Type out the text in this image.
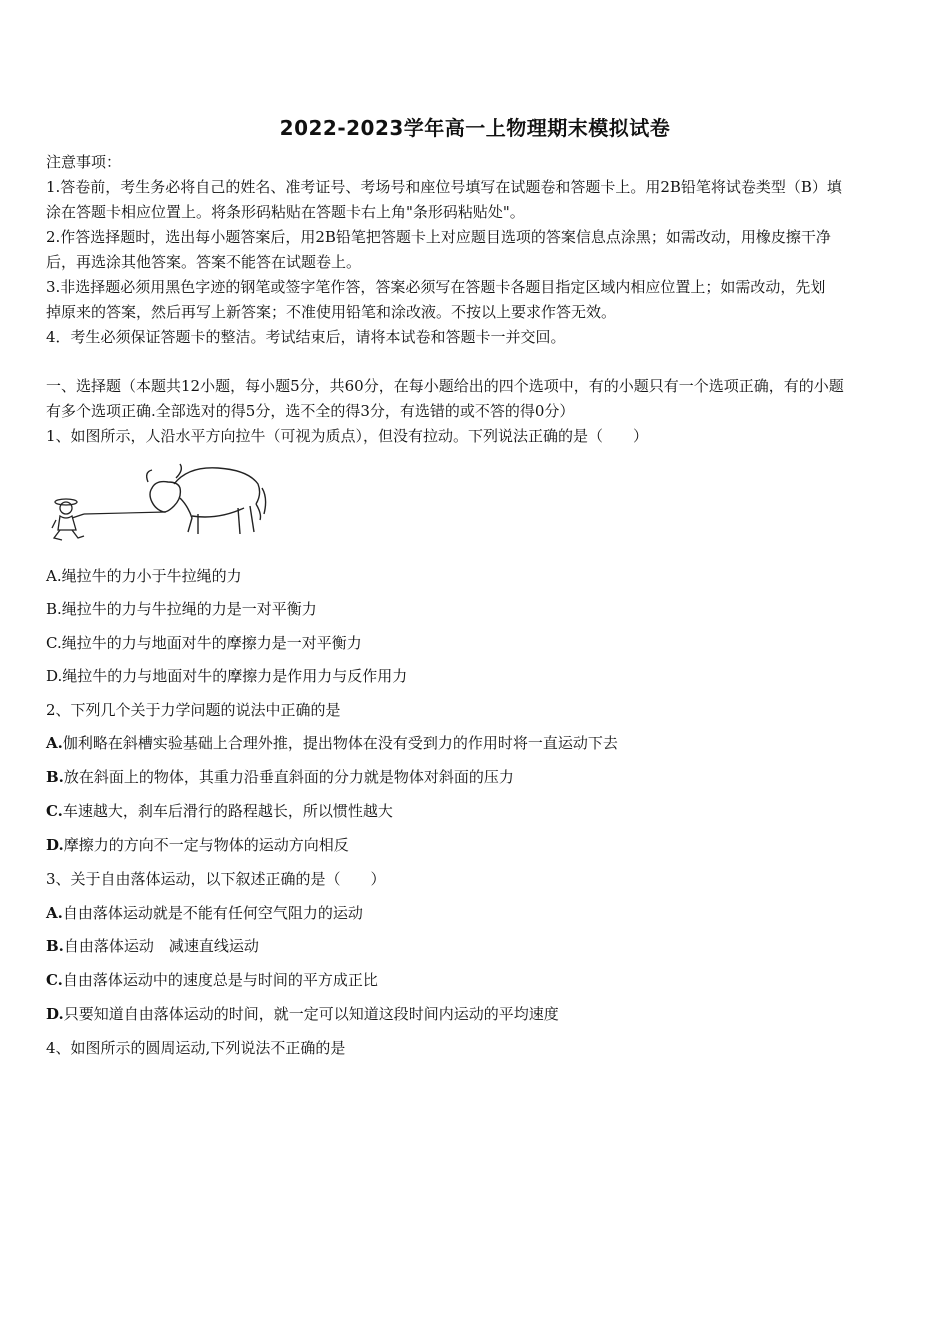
2022-2023学年高一上物理期末模拟试卷
注意事项：
1.答卷前，考生务必将自己的姓名、准考证号、考场号和座位号填写在试题卷和答题卡上。用2B铅笔将试卷类型（B）填
涂在答题卡相应位置上。将条形码粘贴在答题卡右上角"条形码粘贴处"。
2.作答选择题时，选出每小题答案后，用2B铅笔把答题卡上对应题目选项的答案信息点涂黑；如需改动，用橡皮擦干净
后，再选涂其他答案。答案不能答在试题卷上。
3.非选择题必须用黑色字迹的钢笔或签字笔作答，答案必须写在答题卡各题目指定区域内相应位置上；如需改动，先划
掉原来的答案，然后再写上新答案；不准使用铅笔和涂改液。不按以上要求作答无效。
4．考生必须保证答题卡的整洁。考试结束后，请将本试卷和答题卡一并交回。
一、选择题（本题共12小题，每小题5分，共60分，在每小题给出的四个选项中，有的小题只有一个选项正确，有的小题
有多个选项正确.全部选对的得5分，选不全的得3分，有选错的或不答的得0分）
1、如图所示，人沿水平方向拉牛（可视为质点），但没有拉动。下列说法正确的是（　　）
A.绳拉牛的力小于牛拉绳的力
B.绳拉牛的力与牛拉绳的力是一对平衡力
C.绳拉牛的力与地面对牛的摩擦力是一对平衡力
D.绳拉牛的力与地面对牛的摩擦力是作用力与反作用力
2、下列几个关于力学问题的说法中正确的是
A.伽利略在斜槽实验基础上合理外推，提出物体在没有受到力的作用时将一直运动下去
B.放在斜面上的物体，其重力沿垂直斜面的分力就是物体对斜面的压力
C.车速越大，刹车后滑行的路程越长，所以惯性越大
D.摩擦力的方向不一定与物体的运动方向相反
3、关于自由落体运动，以下叙述正确的是（　　）
A.自由落体运动就是不能有任何空气阻力的运动
B.自由落体运动　减速直线运动
C.自由落体运动中的速度总是与时间的平方成正比
D.只要知道自由落体运动的时间，就一定可以知道这段时间内运动的平均速度
4、如图所示的圆周运动,下列说法不正确的是
